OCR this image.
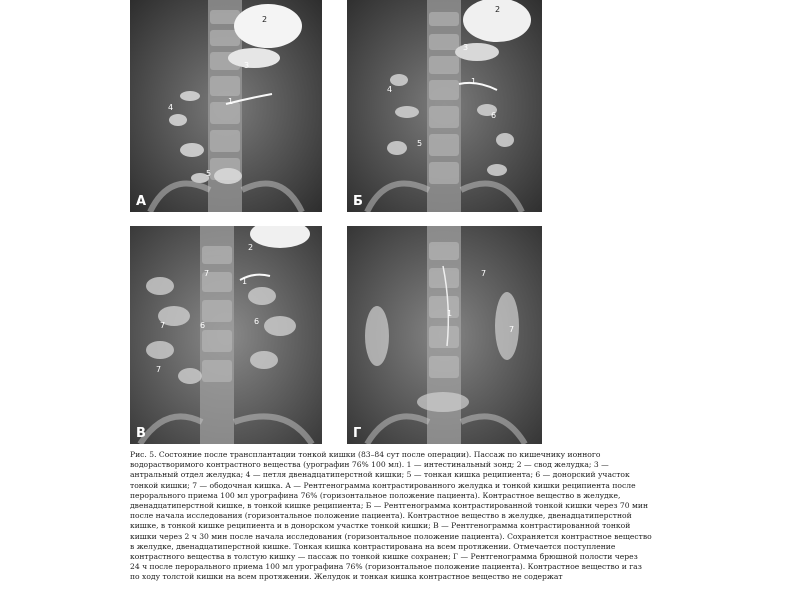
2
3
1
4
5
А
2
3
4
1
6
5
Б
2
7
1
6	6
7
7
В
7
1
7
Г
Рис. 5. Состояние после трансплантации тонкой кишки (83–84 сут после операции). Пассаж по кишечнику ионного
водорастворимого контрастного вещества (урографин 76% 100 мл). 1 — интестинальный зонд; 2 — свод желудка; 3 —
антральный отдел желудка; 4 — петля двенадцатиперстной кишки; 5 — тонкая кишка реципиента; 6 — донорский участок
тонкой кишки; 7 — ободочная кишка. А — Рентгенограмма контрастированного желудка и тонкой кишки реципиента после
перорального приема 100 мл урографина 76% (горизонтальное положение пациента). Контрастное вещество в желудке,
двенадцатиперстной кишке, в тонкой кишке реципиента; Б — Рентгенограмма контрастированной тонкой кишки через 70 мин
после начала исследования (горизонтальное положение пациента). Контрастное вещество в желудке, двенадцатиперстной
кишке, в тонкой кишке реципиента и в донорском участке тонкой кишки; В — Рентгенограмма контрастированной тонкой
кишки через 2 ч 30 мин после начала исследования (горизонтальное положение пациента). Сохраняется контрастное вещество
в желудке, двенадцатиперстной кишке. Тонкая кишка контрастирована на всем протяжении. Отмечается поступление
контрастного вещества в толстую кишку — пассаж по тонкой кишке сохранен; Г — Рентгенограмма брюшной полости через
24 ч после перорального приема 100 мл урографина 76% (горизонтальное положение пациента). Контрастное вещество и газ
по ходу толстой кишки на всем протяжении. Желудок и тонкая кишка контрастное вещество не содержат
